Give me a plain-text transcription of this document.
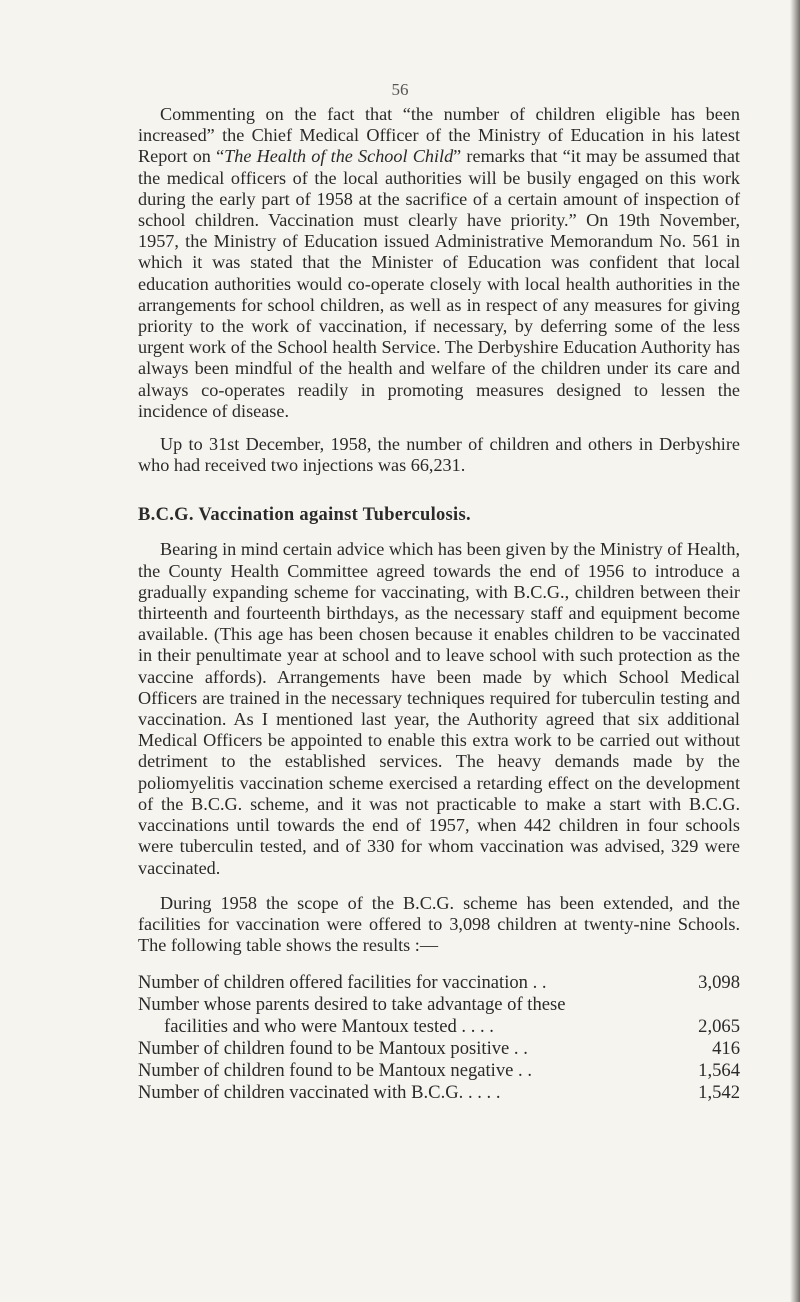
56

Commenting on the fact that “the number of children eligible has been increased” the Chief Medical Officer of the Ministry of Education in his latest Report on “The Health of the School Child” remarks that “it may be assumed that the medical officers of the local authorities will be busily engaged on this work during the early part of 1958 at the sacrifice of a certain amount of inspection of school children. Vaccination must clearly have priority.” On 19th November, 1957, the Ministry of Education issued Administrative Memorandum No. 561 in which it was stated that the Minister of Education was confident that local education authorities would co-operate closely with local health authorities in the arrangements for school children, as well as in respect of any measures for giving priority to the work of vaccination, if necessary, by deferring some of the less urgent work of the School health Service. The Derbyshire Education Authority has always been mindful of the health and welfare of the children under its care and always co-operates readily in promoting measures designed to lessen the incidence of disease.

Up to 31st December, 1958, the number of children and others in Derbyshire who had received two injections was 66,231.

B.C.G. Vaccination against Tuberculosis.

Bearing in mind certain advice which has been given by the Ministry of Health, the County Health Committee agreed towards the end of 1956 to introduce a gradually expanding scheme for vaccinating, with B.C.G., children between their thirteenth and fourteenth birthdays, as the necessary staff and equipment become available. (This age has been chosen because it enables children to be vaccinated in their penultimate year at school and to leave school with such protection as the vaccine affords). Arrangements have been made by which School Medical Officers are trained in the necessary techniques required for tuberculin testing and vaccination. As I mentioned last year, the Authority agreed that six additional Medical Officers be appointed to enable this extra work to be carried out without detriment to the established services. The heavy demands made by the poliomyelitis vaccination scheme exercised a retarding effect on the development of the B.C.G. scheme, and it was not practicable to make a start with B.C.G. vaccinations until towards the end of 1957, when 442 children in four schools were tuberculin tested, and of 330 for whom vaccination was advised, 329 were vaccinated.

During 1958 the scope of the B.C.G. scheme has been extended, and the facilities for vaccination were offered to 3,098 children at twenty-nine Schools. The following table shows the results :—

Number of children offered facilities for vaccination . .	3,098
Number whose parents desired to take advantage of these
facilities and who were Mantoux tested . . . .	2,065
Number of children found to be Mantoux positive . .	416
Number of children found to be Mantoux negative . .	1,564
Number of children vaccinated with B.C.G. . . . .	1,542
